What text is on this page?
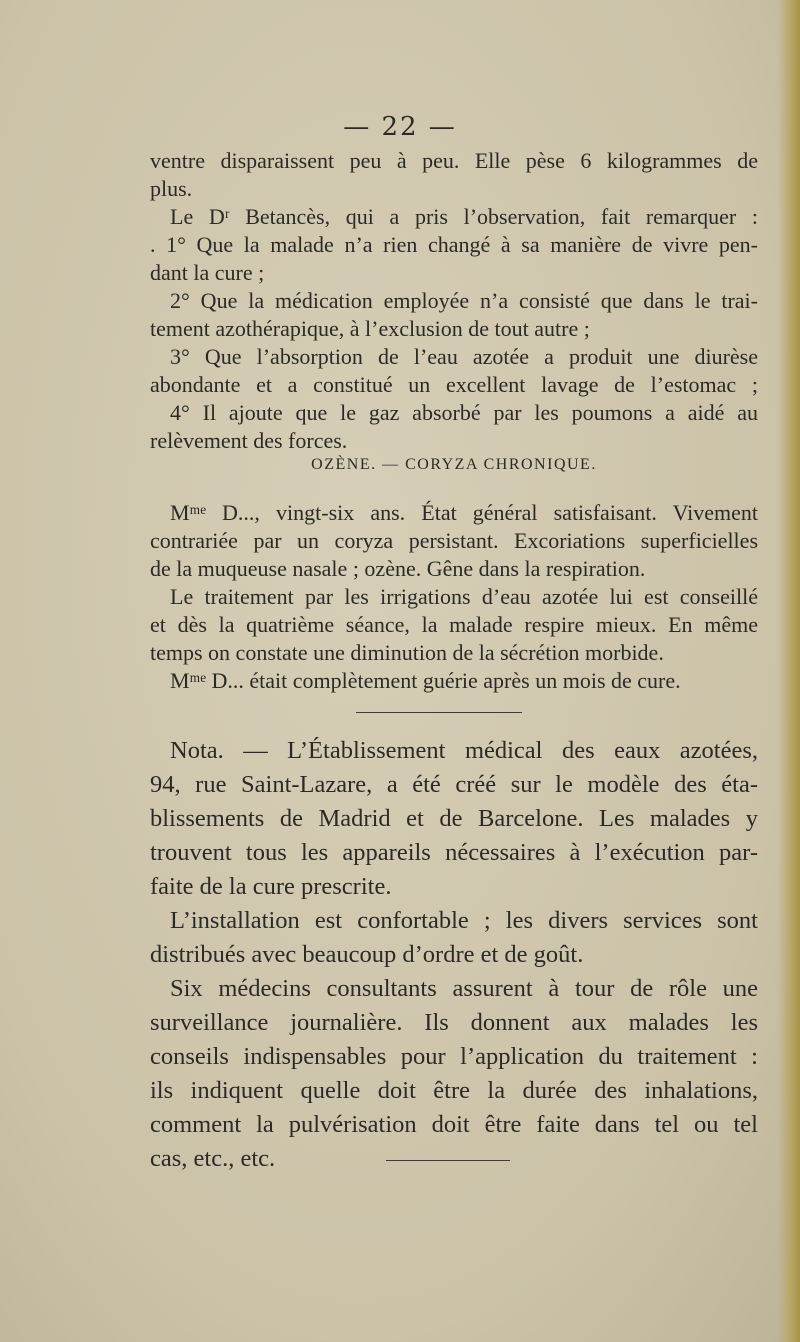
— 22 —
ventre disparaissent peu à peu. Elle pèse 6 kilogrammes de
plus.
Le Dʳ Betancès, qui a pris l’observation, fait remarquer :
. 1° Que la malade n’a rien changé à sa manière de vivre pen-
dant la cure ;
2° Que la médication employée n’a consisté que dans le trai-
tement azothérapique, à l’exclusion de tout autre ;
3° Que l’absorption de l’eau azotée a produit une diurèse
abondante et a constitué un excellent lavage de l’estomac ;
4° Il ajoute que le gaz absorbé par les poumons a aidé au
relèvement des forces.
OZÈNE. — CORYZA CHRONIQUE.
Mᵐᵉ D..., vingt-six ans. État général satisfaisant. Vivement
contrariée par un coryza persistant. Excoriations superficielles
de la muqueuse nasale ; ozène. Gêne dans la respiration.
Le traitement par les irrigations d’eau azotée lui est conseillé
et dès la quatrième séance, la malade respire mieux. En même
temps on constate une diminution de la sécrétion morbide.
Mᵐᵉ D... était complètement guérie après un mois de cure.
Nota. — L’Établissement médical des eaux azotées,
94, rue Saint-Lazare, a été créé sur le modèle des éta-
blissements de Madrid et de Barcelone. Les malades y
trouvent tous les appareils nécessaires à l’exécution par-
faite de la cure prescrite.
L’installation est confortable ; les divers services sont
distribués avec beaucoup d’ordre et de goût.
Six médecins consultants assurent à tour de rôle une
surveillance journalière. Ils donnent aux malades les
conseils indispensables pour l’application du traitement :
ils indiquent quelle doit être la durée des inhalations,
comment la pulvérisation doit être faite dans tel ou tel
cas, etc., etc.
